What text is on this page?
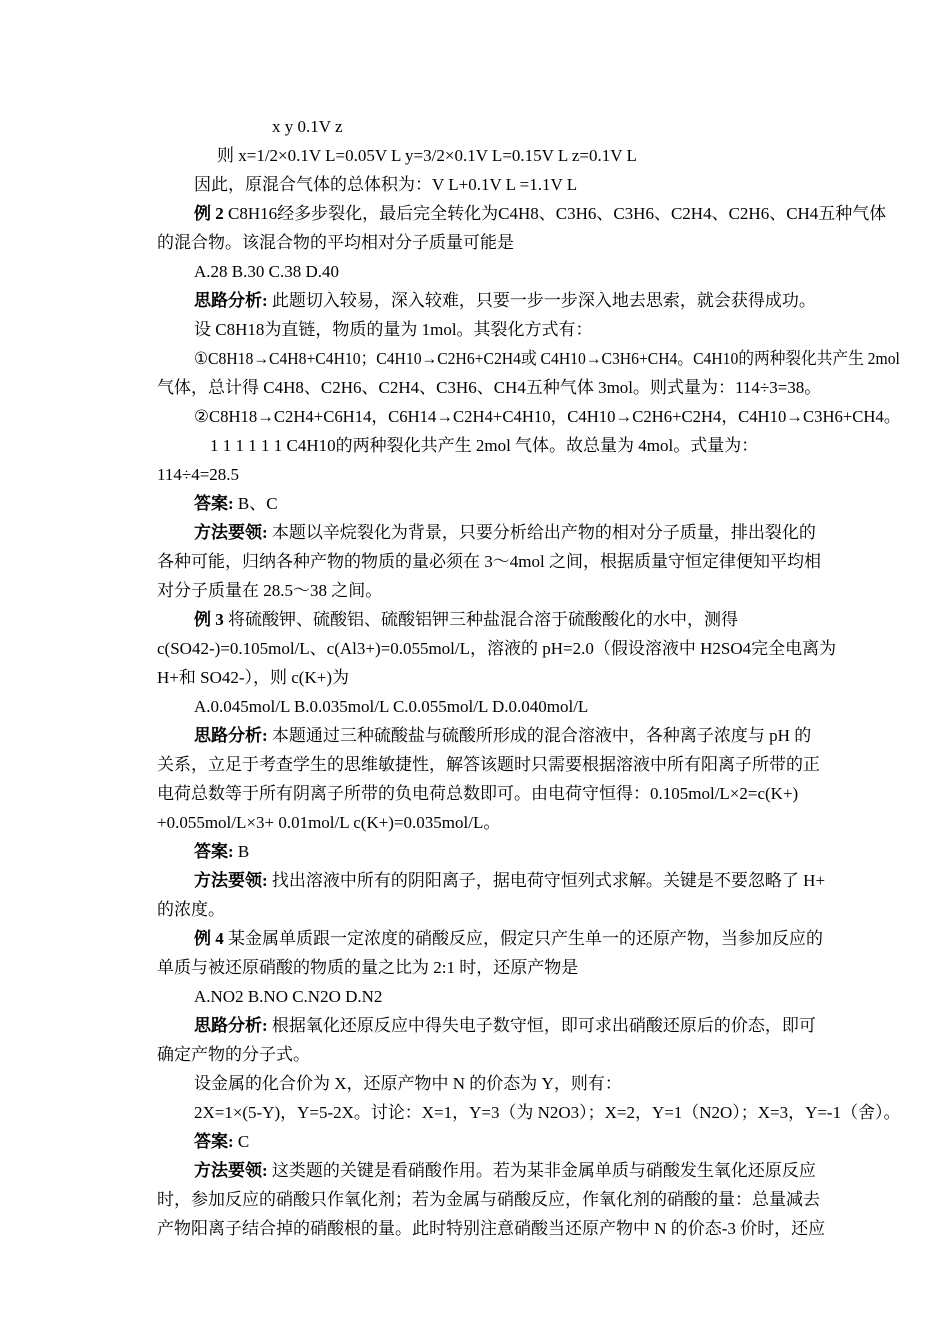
x y 0.1V z
则 x=1/2×0.1V L=0.05V L y=3/2×0.1V L=0.15V L z=0.1V L
因此，原混合气体的总体积为：V L+0.1V L =1.1V L
例 2 C8H16经多步裂化，最后完全转化为C4H8、C3H6、C3H6、C2H4、C2H6、CH4五种气体
的混合物。该混合物的平均相对分子质量可能是
A.28 B.30 C.38 D.40
思路分析: 此题切入较易，深入较难，只要一步一步深入地去思索，就会获得成功。
设 C8H18为直链，物质的量为 1mol。其裂化方式有：
①C8H18→C4H8+C4H10；C4H10→C2H6+C2H4或 C4H10→C3H6+CH4。C4H10的两种裂化共产生 2mol
气体，总计得 C4H8、C2H6、C2H4、C3H6、CH4五种气体 3mol。则式量为：114÷3=38。
②C8H18→C2H4+C6H14，C6H14→C2H4+C4H10，C4H10→C2H6+C2H4，C4H10→C3H6+CH4。
1 1 1 1 1 1 C4H10的两种裂化共产生 2mol 气体。故总量为 4mol。式量为：
114÷4=28.5
答案: B、C
方法要领: 本题以辛烷裂化为背景，只要分析给出产物的相对分子质量，排出裂化的
各种可能，归纳各种产物的物质的量必须在 3～4mol 之间，根据质量守恒定律便知平均相
对分子质量在 28.5～38 之间。
例 3 将硫酸钾、硫酸铝、硫酸铝钾三种盐混合溶于硫酸酸化的水中，测得
c(SO42-)=0.105mol/L、c(Al3+)=0.055mol/L，溶液的 pH=2.0（假设溶液中 H2SO4完全电离为
H+和 SO42-），则 c(K+)为
A.0.045mol/L B.0.035mol/L C.0.055mol/L D.0.040mol/L
思路分析: 本题通过三种硫酸盐与硫酸所形成的混合溶液中，各种离子浓度与 pH 的
关系，立足于考查学生的思维敏捷性，解答该题时只需要根据溶液中所有阳离子所带的正
电荷总数等于所有阴离子所带的负电荷总数即可。由电荷守恒得：0.105mol/L×2=c(K+)
+0.055mol/L×3+ 0.01mol/L c(K+)=0.035mol/L。
答案: B
方法要领: 找出溶液中所有的阴阳离子，据电荷守恒列式求解。关键是不要忽略了 H+
的浓度。
例 4 某金属单质跟一定浓度的硝酸反应，假定只产生单一的还原产物，当参加反应的
单质与被还原硝酸的物质的量之比为 2:1 时，还原产物是
A.NO2 B.NO C.N2O D.N2
思路分析: 根据氧化还原反应中得失电子数守恒，即可求出硝酸还原后的价态，即可
确定产物的分子式。
设金属的化合价为 X，还原产物中 N 的价态为 Y，则有：
2X=1×(5-Y)，Y=5-2X。讨论：X=1，Y=3（为 N2O3）；X=2，Y=1（N2O）；X=3，Y=-1（舍）。
答案: C
方法要领: 这类题的关键是看硝酸作用。若为某非金属单质与硝酸发生氧化还原反应
时，参加反应的硝酸只作氧化剂；若为金属与硝酸反应，作氧化剂的硝酸的量：总量减去
产物阳离子结合掉的硝酸根的量。此时特别注意硝酸当还原产物中 N 的价态-3 价时，还应
